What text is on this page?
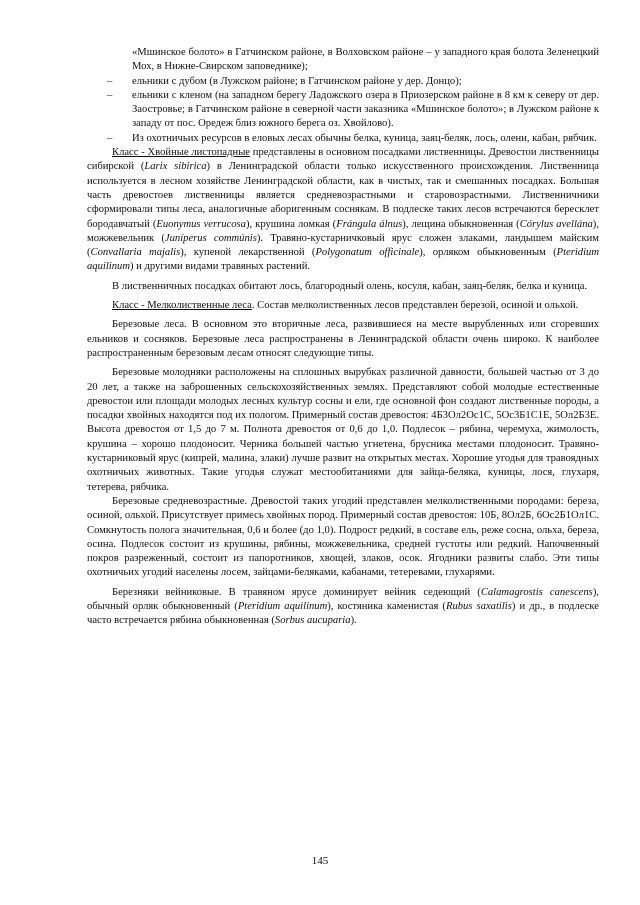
«Мшинское болото» в Гатчинском районе, в Волховском районе – у западного края болота Зеленецкий Мох, в Нижне-Свирском заповеднике);

– ельники с дубом (в Лужском районе; в Гатчинском районе у дер. Донцо);

– ельники с кленом (на западном берегу Ладожского озера в Приозерском районе в 8 км к северу от дер. Заостровье; в Гатчинском районе в северной части заказника «Мшинское болото»; в Лужском районе к западу от пос. Оредеж близ южного берега оз. Хвойлово).

– Из охотничьих ресурсов в еловых лесах обычны белка, куница, заяц-беляк, лось, олени, кабан, рябчик.

Класс - Хвойные листопадные представлены в основном посадками лиственницы. Древостои лиственницы сибирской (Larix sibirica) в Ленинградской области только искусственного происхождения. Лиственница используется в лесном хозяйстве Ленинградской области, как в чистых, так и смешанных посадках. Большая часть древостоев лиственницы является средневозрастными и старовозрастными. Лиственничники сформировали типы леса, аналогичные аборигенным соснякам. В подлеске таких лесов встречаются бересклет бородавчатый (Euonymus verrucosa), крушина ломкая (Frángula álnus), лещина обыкновенная (Córylus avellána), можжевельник (Juníperus commúnis). Травяно-кустарничковый ярус сложен злаками, ландышем майским (Convallaria majalis), купеной лекарственной (Polygonatum officinale), орляком обыкновенным (Pteridium aquilinum) и другими видами травяных растений.

В лиственничных посадках обитают лось, благородный олень, косуля, кабан, заяц-беляк, белка и куница.

Класс - Мелколиственные леса. Состав мелколиственных лесов представлен березой, осиной и ольхой.

Березовые леса. В основном это вторичные леса, развившиеся на месте вырубленных или сгоревших ельников и сосняков. Березовые леса распространены в Ленинградской области очень широко. К наиболее распространенным березовым лесам относят следующие типы.

Березовые молодняки расположены на сплошных вырубках различной давности, большей частью от 3 до 20 лет, а также на заброшенных сельскохозяйственных землях. Представляют собой молодые естественные древостои или площади молодых лесных культур сосны и ели, где основной фон создают лиственные породы, а посадки хвойных находятся под их пологом. Примерный состав древостоя: 4Б3Ол2Ос1С, 5Ос3Б1С1Е, 5Ол2Б3Е. Высота древостоя от 1,5 до 7 м. Полнота древостоя от 0,6 до 1,0. Подлесок – рябина, черемуха, жимолость, крушина – хорошо плодоносит. Черника большей частью угнетена, брусника местами плодоносит. Травяно-кустарниковый ярус (кипрей, малина, злаки) лучше развит на открытых местах. Хорошие угодья для травоядных охотничьих животных. Такие угодья служат местообитаниями для зайца-беляка, куницы, лося, глухаря, тетерева, рябчика.

Березовые средневозрастные. Древостой таких угодий представлен мелколиственными породами: береза, осиной, ольхой. Присутствует примесь хвойных пород. Примерный состав древостоя: 10Б, 8Ол2Б, 6Ос2Б1Ол1С. Сомкнутость полога значительная, 0,6 и более (до 1,0). Подрост редкий, в составе ель, реже сосна, ольха, береза, осина. Подлесок состоит из крушины, рябины, можжевельника, средней густоты или редкий. Напочвенный покров разреженный, состоит из папоротников, хвощей, злаков, осок. Ягодники развиты слабо. Эти типы охотничьих угодий населены лосем, зайцами-беляками, кабанами, тетеревами, глухарями.

Березняки вейниковые. В травяном ярусе доминирует вейник седеющий (Calamagrostis canescens), обычный орляк обыкновенный (Pteridium aquilinum), костяника каменистая (Rubus saxatilis) и др., в подлеске часто встречается рябина обыкновенная (Sorbus aucuparia).

145
